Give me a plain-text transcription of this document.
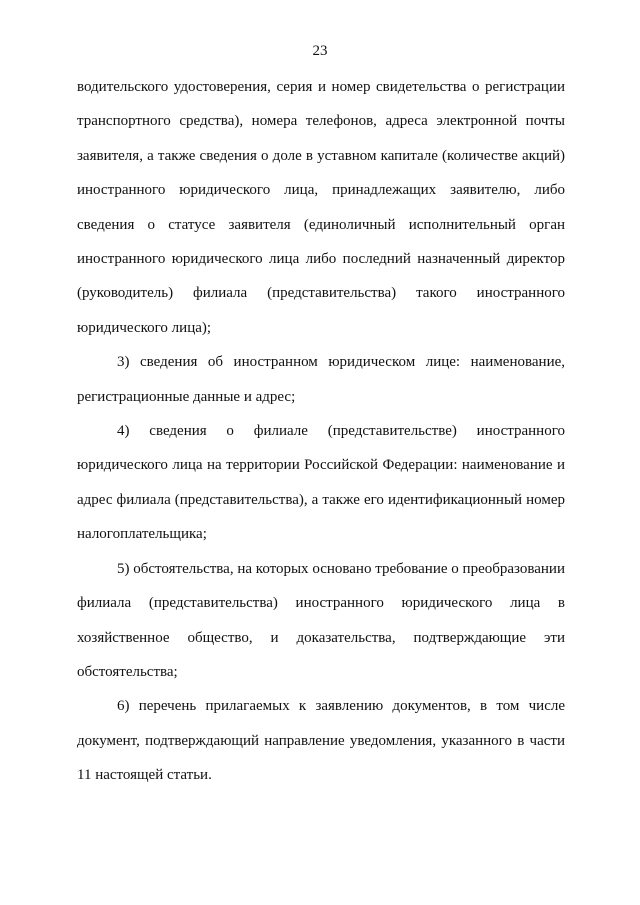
23

водительского удостоверения, серия и номер свидетельства о регистрации транспортного средства), номера телефонов, адреса электронной почты заявителя, а также сведения о доле в уставном капитале (количестве акций) иностранного юридического лица, принадлежащих заявителю, либо сведения о статусе заявителя (единоличный исполнительный орган иностранного юридического лица либо последний назначенный директор (руководитель) филиала (представительства) такого иностранного юридического лица);

3) сведения об иностранном юридическом лице: наименование, регистрационные данные и адрес;

4) сведения о филиале (представительстве) иностранного юридического лица на территории Российской Федерации: наименование и адрес филиала (представительства), а также его идентификационный номер налогоплательщика;

5) обстоятельства, на которых основано требование о преобразовании филиала (представительства) иностранного юридического лица в хозяйственное общество, и доказательства, подтверждающие эти обстоятельства;

6) перечень прилагаемых к заявлению документов, в том числе документ, подтверждающий направление уведомления, указанного в части 11 настоящей статьи.
